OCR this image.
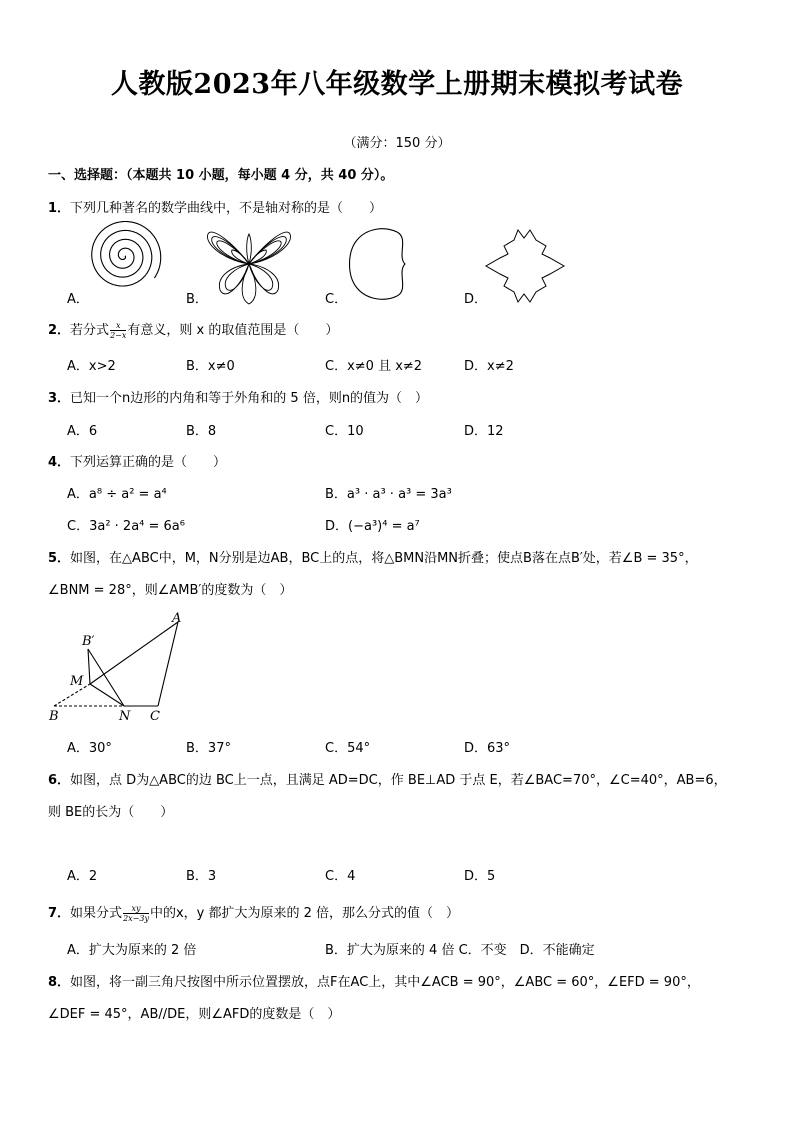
人教版2023年八年级数学上册期末模拟考试卷
（满分：150 分）
一、选择题：（本题共 10 小题，每小题 4 分，共 40 分）。
1．下列几种著名的数学曲线中，不是轴对称的是（　　）
A．	B．	C．	D．
2．若分式 $\frac{x}{2-x}$ 有意义，则 x 的取值范围是（　　）
A．x>2	B．x≠0	C．x≠0 且 x≠2	D．x≠2
3．已知一个n边形的内角和等于外角和的 5 倍，则n的值为（　）
A．6	B．8	C．10	D．12
4．下列运算正确的是（　　）
A．a⁸ ÷ a² = a⁴	B．a³ · a³ · a³ = 3a³
C．3a² · 2a⁴ = 6a⁶	D．(−a³)⁴ = a⁷
5．如图，在△ABC中，M，N分别是边AB，BC上的点，将△BMN沿MN折叠；使点B落在点B′处，若∠B = 35°，
∠BNM = 28°，则∠AMB′的度数为（　）
B′
A
M
B	N C
A．30°	B．37°	C．54°	D．63°
6．如图，点 D为△ABC的边 BC上一点，且满足 AD=DC，作 BE⊥AD 于点 E，若∠BAC=70°，∠C=40°，AB=6，
则 BE的长为（　　）
A．2	B．3	C．4	D．5
7．如果分式 $\frac{xy}{2x-3y}$ 中的x，y 都扩大为原来的 2 倍，那么分式的值（　）
A．扩大为原来的 2 倍	B．扩大为原来的 4 倍 C．不变　D．不能确定
8．如图，将一副三角尺按图中所示位置摆放，点F在AC上，其中∠ACB = 90°，∠ABC = 60°，∠EFD = 90°，
∠DEF = 45°，AB//DE，则∠AFD的度数是（　）
